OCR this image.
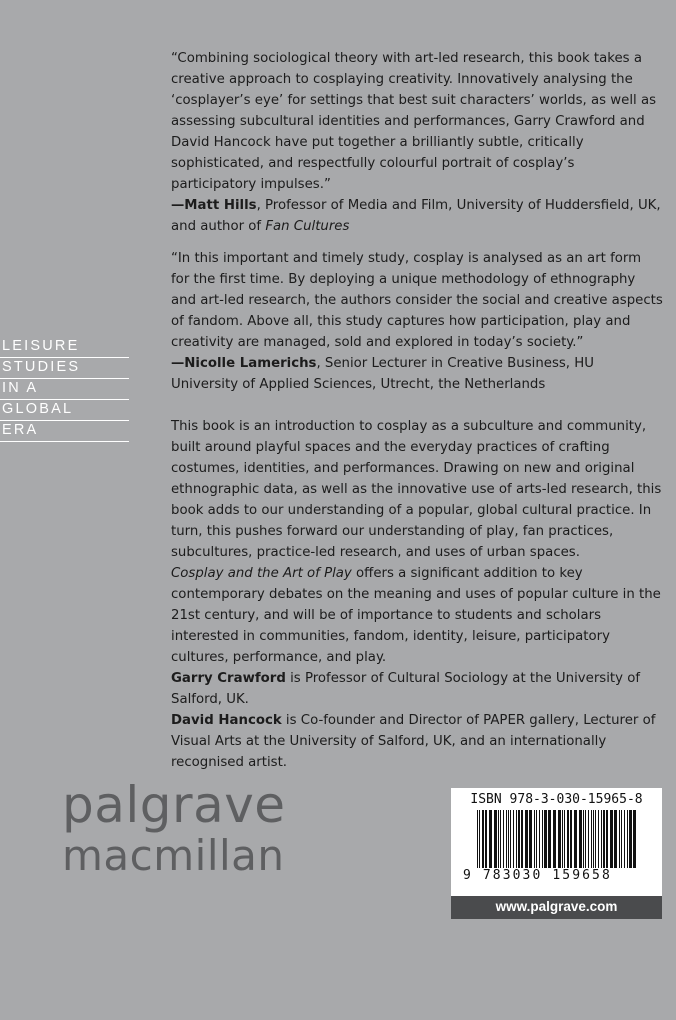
LEISURE
STUDIES
IN A
GLOBAL
ERA

“Combining sociological theory with art-led research, this book takes a creative approach to cosplaying creativity. Innovatively analysing the ‘cosplayer’s eye’ for settings that best suit characters’ worlds, as well as assessing subcultural identities and performances, Garry Crawford and David Hancock have put together a brilliantly subtle, critically sophisticated, and respectfully colourful portrait of cosplay’s participatory impulses.”

—Matt Hills, Professor of Media and Film, University of Huddersfield, UK, and author of Fan Cultures

“In this important and timely study, cosplay is analysed as an art form for the first time. By deploying a unique methodology of ethnography and art-led research, the authors consider the social and creative aspects of fandom. Above all, this study captures how participation, play and creativity are managed, sold and explored in today’s society.”

—Nicolle Lamerichs, Senior Lecturer in Creative Business, HU University of Applied Sciences, Utrecht, the Netherlands

This book is an introduction to cosplay as a subculture and community, built around playful spaces and the everyday practices of crafting costumes, identities, and performances. Drawing on new and original ethnographic data, as well as the innovative use of arts-led research, this book adds to our understanding of a popular, global cultural practice. In turn, this pushes forward our understanding of play, fan practices, subcultures, practice-led research, and uses of urban spaces.

Cosplay and the Art of Play offers a significant addition to key contemporary debates on the meaning and uses of popular culture in the 21st century, and will be of importance to students and scholars interested in communities, fandom, identity, leisure, participatory cultures, performance, and play.

Garry Crawford is Professor of Cultural Sociology at the University of Salford, UK.

David Hancock is Co-founder and Director of PAPER gallery, Lecturer of Visual Arts at the University of Salford, UK, and an internationally recognised artist.

palgrave
macmillan
ISBN 978-3-030-15965-8
9 783030 159658
www.palgrave.com
